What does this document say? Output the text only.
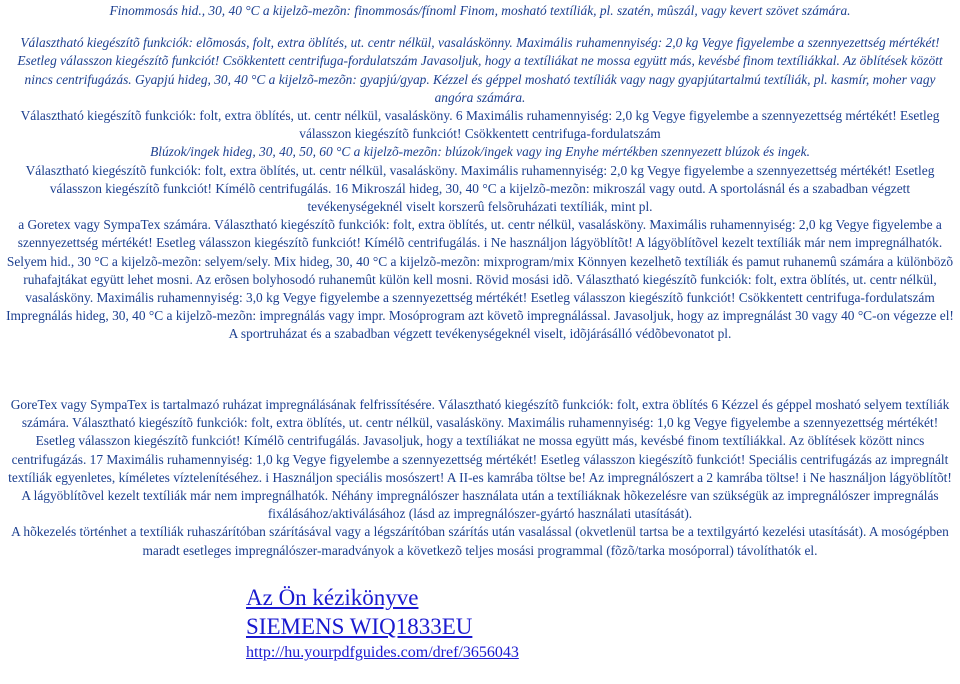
Finommosás hid., 30, 40 °C a kijelzõ-mezõn: finommosás/fínoml Finom, mosható textíliák, pl. szatén, mûszál, vagy kevert szövet számára.

Választható kiegészítõ funkciók: elõmosás, folt, extra öblítés, ut. centr nélkül, vasaláskönny. Maximális ruhamennyiség: 2,0 kg Vegye figyelembe a szennyezettség mértékét! Esetleg válasszon kiegészítõ funkciót! Csökkentett centrifuga-fordulatszám Javasoljuk, hogy a textíliákat ne mossa együtt más, kevésbé finom textíliákkal. Az öblítések között nincs centrifugázás. Gyapjú hideg, 30, 40 °C a kijelzõ-mezõn: gyapjú/gyap. Kézzel és géppel mosható textíliák vagy nagy gyapjútartalmú textíliák, pl. kasmír, moher vagy angóra számára.

Választható kiegészítõ funkciók: folt, extra öblítés, ut. centr nélkül, vasalásköny. 6 Maximális ruhamennyiség: 2,0 kg Vegye figyelembe a szennyezettség mértékét! Esetleg válasszon kiegészítõ funkciót! Csökkentett centrifuga-fordulatszám

Blúzok/ingek hideg, 30, 40, 50, 60 °C a kijelzõ-mezõn: blúzok/ingek vagy ing Enyhe mértékben szennyezett blúzok és ingek.

Választható kiegészítõ funkciók: folt, extra öblítés, ut. centr nélkül, vasalásköny. Maximális ruhamennyiség: 2,0 kg Vegye figyelembe a szennyezettség mértékét! Esetleg válasszon kiegészítõ funkciót! Kímélõ centrifugálás. 16 Mikroszál hideg, 30, 40 °C a kijelzõ-mezõn: mikroszál vagy outd. A sportolásnál és a szabadban végzett tevékenységeknél viselt korszerû felsõruházati textíliák, mint pl.

a Goretex vagy SympaTex számára. Választható kiegészítõ funkciók: folt, extra öblítés, ut. centr nélkül, vasalásköny. Maximális ruhamennyiség: 2,0 kg Vegye figyelembe a szennyezettség mértékét! Esetleg válasszon kiegészítõ funkciót! Kímélõ centrifugálás. i Ne használjon lágyöblítõt! A lágyöblítõvel kezelt textíliák már nem impregnálhatók.

Selyem hid., 30 °C a kijelzõ-mezõn: selyem/sely. Mix hideg, 30, 40 °C a kijelzõ-mezõn: mixprogram/mix Könnyen kezelhetõ textíliák és pamut ruhanemû számára a különbözõ ruhafajtákat együtt lehet mosni. Az erõsen bolyhosodó ruhanemût külön kell mosni. Rövid mosási idõ. Választható kiegészítõ funkciók: folt, extra öblítés, ut. centr nélkül, vasalásköny. Maximális ruhamennyiség: 3,0 kg Vegye figyelembe a szennyezettség mértékét! Esetleg válasszon kiegészítõ funkciót! Csökkentett centrifuga-fordulatszám Impregnálás hideg, 30, 40 °C a kijelzõ-mezõn: impregnálás vagy impr. Mosóprogram azt követõ impregnálással. Javasoljuk, hogy az impregnálást 30 vagy 40 °C-on végezze el! A sportruházat és a szabadban végzett tevékenységeknél viselt, idõjárásálló védõbevonatot pl.

GoreTex vagy SympaTex is tartalmazó ruházat impregnálásának felfrissítésére. Választható kiegészítõ funkciók: folt, extra öblítés 6 Kézzel és géppel mosható selyem textíliák számára. Választható kiegészítõ funkciók: folt, extra öblítés, ut. centr nélkül, vasalásköny. Maximális ruhamennyiség: 1,0 kg Vegye figyelembe a szennyezettség mértékét! Esetleg válasszon kiegészítõ funkciót! Kímélõ centrifugálás. Javasoljuk, hogy a textíliákat ne mossa együtt más, kevésbé finom textíliákkal. Az öblítések között nincs centrifugázás. 17 Maximális ruhamennyiség: 1,0 kg Vegye figyelembe a szennyezettség mértékét! Esetleg válasszon kiegészítõ funkciót! Speciális centrifugázás az impregnált textíliák egyenletes, kíméletes víztelenítéséhez. i Használjon speciális mosószert! A II-es kamrába töltse be! Az impregnálószert a 2 kamrába töltse! i Ne használjon lágyöblítõt! A lágyöblítõvel kezelt textíliák már nem impregnálhatók. Néhány impregnálószer használata után a textíliáknak hõkezelésre van szükségük az impregnálószer impregnálás fixálásához/aktiválásához (lásd az impregnálószer-gyártó használati utasítását).

A hõkezelés történhet a textíliák ruhaszárítóban szárításával vagy a légszárítóban szárítás után vasalással (okvetlenül tartsa be a textilgyártó kezelési utasítását). A mosógépben maradt esetleges impregnálószer-maradványok a következõ teljes mosási programmal (fõzõ/tarka mosóporral) távolíthatók el.

Az Ön kézikönyve
SIEMENS WIQ1833EU
http://hu.yourpdfguides.com/dref/3656043
